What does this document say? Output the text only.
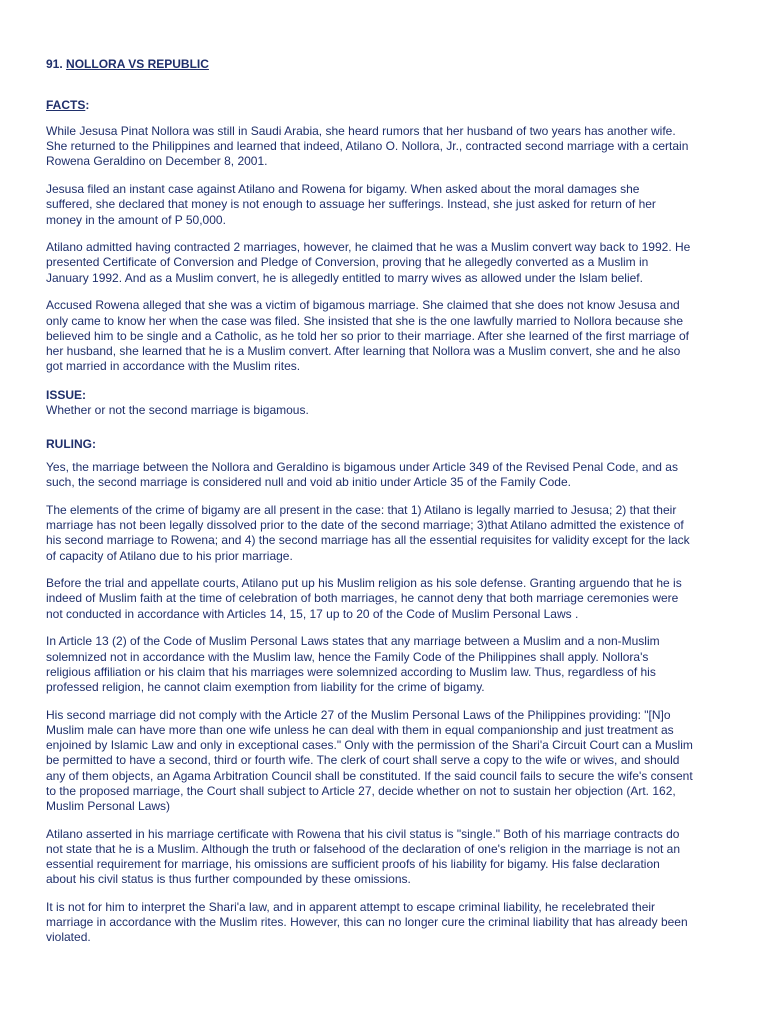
91. NOLLORA VS REPUBLIC
FACTS:

While Jesusa Pinat Nollora was still in Saudi Arabia, she heard rumors that her husband of two years has another wife.
She returned to the Philippines and learned that indeed, Atilano O. Nollora, Jr., contracted second marriage with a certain
Rowena Geraldino on December 8, 2001.

Jesusa filed an instant case against Atilano and Rowena for bigamy. When asked about the moral damages she
suffered, she declared that money is not enough to assuage her sufferings. Instead, she just asked for return of her
money in the amount of P 50,000.

Atilano admitted having contracted 2 marriages, however, he claimed that he was a Muslim convert way back to 1992. He
presented Certificate of Conversion and Pledge of Conversion, proving that he allegedly converted as a Muslim in
January 1992. And as a Muslim convert, he is allegedly entitled to marry wives as allowed under the Islam belief.

Accused Rowena alleged that she was a victim of bigamous marriage. She claimed that she does not know Jesusa and
only came to know her when the case was filed. She insisted that she is the one lawfully married to Nollora because she
believed him to be single and a Catholic, as he told her so prior to their marriage. After she learned of the first marriage of
her husband, she learned that he is a Muslim convert. After learning that Nollora was a Muslim convert, she and he also
got married in accordance with the Muslim rites.

ISSUE:

Whether or not the second marriage is bigamous.

RULING:

Yes, the marriage between the Nollora and Geraldino is bigamous under Article 349 of the Revised Penal Code, and as
such, the second marriage is considered null and void ab initio under Article 35 of the Family Code.

The elements of the crime of bigamy are all present in the case: that 1) Atilano is legally married to Jesusa; 2) that their
marriage has not been legally dissolved prior to the date of the second marriage; 3)that Atilano admitted the existence of
his second marriage to Rowena; and 4) the second marriage has all the essential requisites for validity except for the lack
of capacity of Atilano due to his prior marriage.

Before the trial and appellate courts, Atilano put up his Muslim religion as his sole defense. Granting arguendo that he is
indeed of Muslim faith at the time of celebration of both marriages, he cannot deny that both marriage ceremonies were
not conducted in accordance with Articles 14, 15, 17 up to 20 of the Code of Muslim Personal Laws .

In Article 13 (2) of the Code of Muslim Personal Laws states that any marriage between a Muslim and a non-Muslim
solemnized not in accordance with the Muslim law, hence the Family Code of the Philippines shall apply. Nollora's
religious affiliation or his claim that his marriages were solemnized according to Muslim law. Thus, regardless of his
professed religion, he cannot claim exemption from liability for the crime of bigamy.

His second marriage did not comply with the Article 27 of the Muslim Personal Laws of the Philippines providing: "[N]o
Muslim male can have more than one wife unless he can deal with them in equal companionship and just treatment as
enjoined by Islamic Law and only in exceptional cases." Only with the permission of the Shari'a Circuit Court can a Muslim
be permitted to have a second, third or fourth wife. The clerk of court shall serve a copy to the wife or wives, and should
any of them objects, an Agama Arbitration Council shall be constituted. If the said council fails to secure the wife's consent
to the proposed marriage, the Court shall subject to Article 27, decide whether on not to sustain her objection (Art. 162,
Muslim Personal Laws)

Atilano asserted in his marriage certificate with Rowena that his civil status is "single." Both of his marriage contracts do
not state that he is a Muslim. Although the truth or falsehood of the declaration of one's religion in the marriage is not an
essential requirement for marriage, his omissions are sufficient proofs of his liability for bigamy. His false declaration
about his civil status is thus further compounded by these omissions.

It is not for him to interpret the Shari'a law, and in apparent attempt to escape criminal liability, he recelebrated their
marriage in accordance with the Muslim rites. However, this can no longer cure the criminal liability that has already been
violated.
